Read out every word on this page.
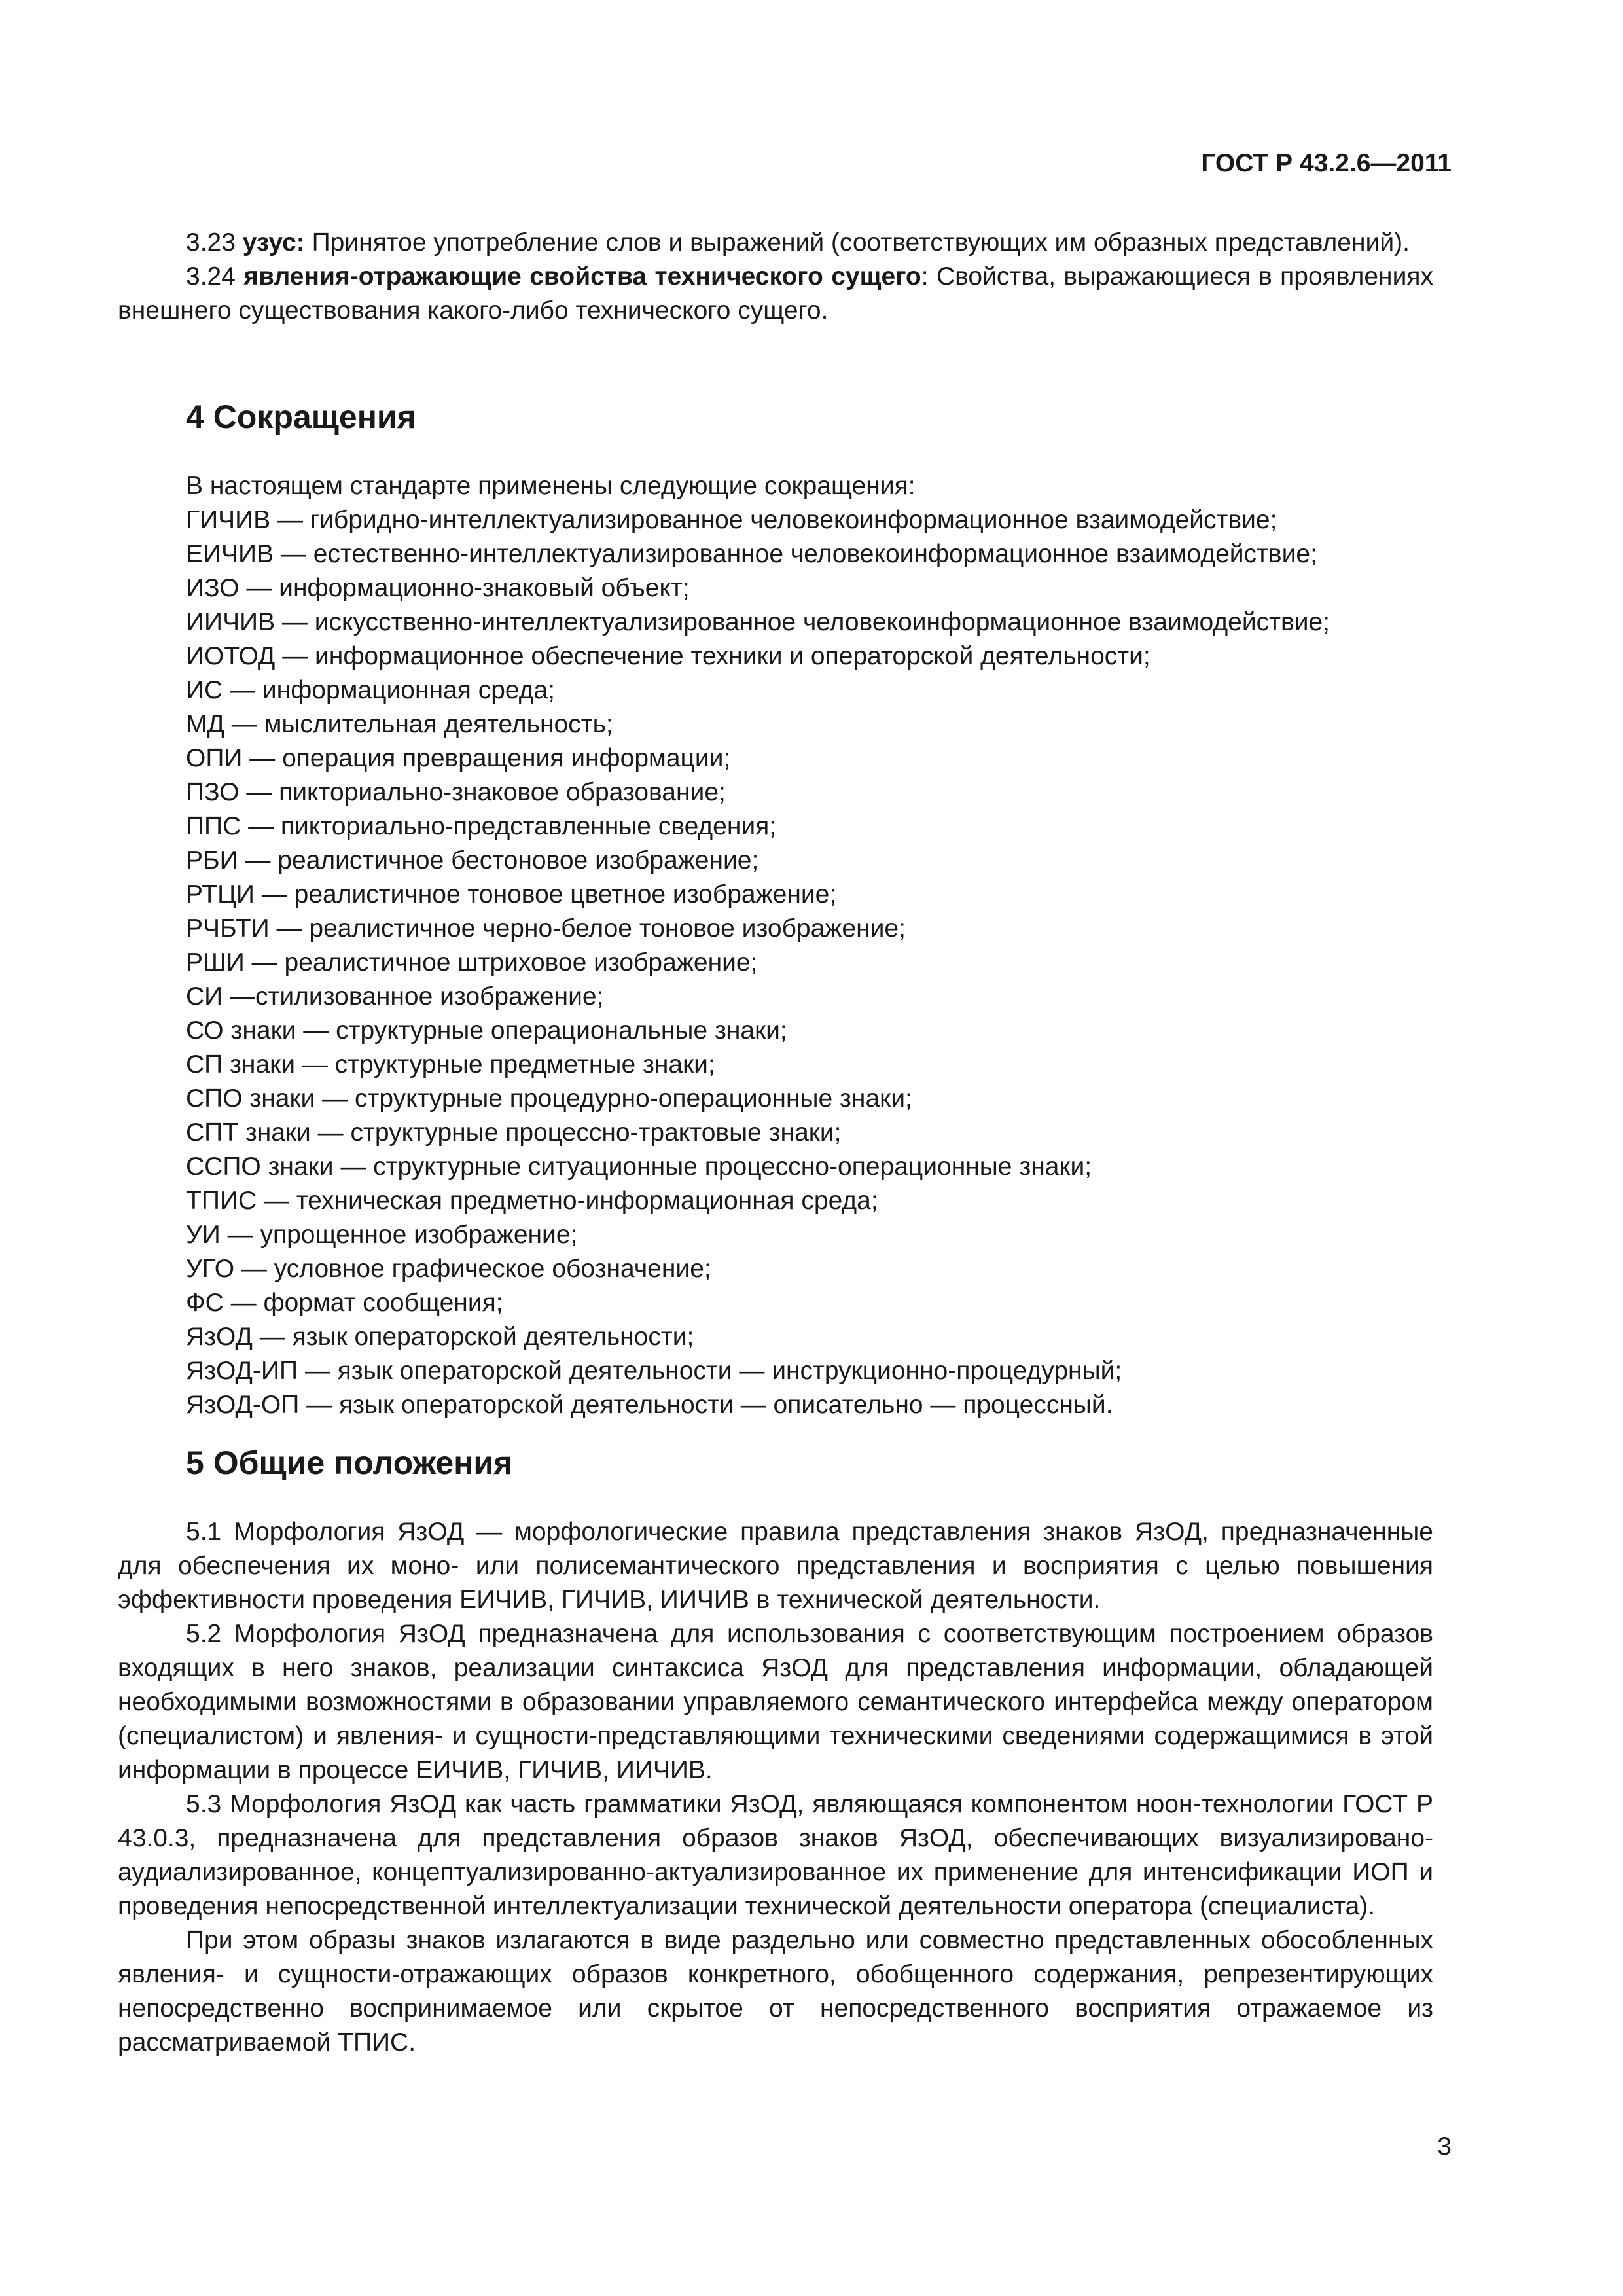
ГОСТ Р 43.2.6—2011

3.23 узус: Принятое употребление слов и выражений (соответствующих им образных представлений).

3.24 явления-отражающие свойства технического сущего: Свойства, выражающиеся в проявлениях внешнего существования какого-либо технического сущего.

4 Сокращения
В настоящем стандарте применены следующие сокращения:
ГИЧИВ — гибридно-интеллектуализированное человекоинформационное взаимодействие;
ЕИЧИВ — естественно-интеллектуализированное человекоинформационное взаимодействие;
ИЗО — информационно-знаковый объект;
ИИЧИВ — искусственно-интеллектуализированное человекоинформационное взаимодействие;
ИОТОД — информационное обеспечение техники и операторской деятельности;
ИС — информационная среда;
МД — мыслительная деятельность;
ОПИ — операция превращения информации;
ПЗО — пикториально-знаковое образование;
ППС — пикториально-представленные сведения;
РБИ — реалистичное бестоновое изображение;
РТЦИ — реалистичное тоновое цветное изображение;
РЧБТИ — реалистичное черно-белое тоновое изображение;
РШИ — реалистичное штриховое изображение;
СИ —стилизованное изображение;
СО знаки — структурные операциональные знаки;
СП знаки — структурные предметные знаки;
СПО знаки — структурные процедурно-операционные знаки;
СПТ знаки — структурные процессно-трактовые знаки;
ССПО знаки — структурные ситуационные процессно-операционные знаки;
ТПИС — техническая предметно-информационная среда;
УИ — упрощенное изображение;
УГО — условное графическое обозначение;
ФС — формат сообщения;
ЯзОД — язык операторской деятельности;
ЯзОД-ИП — язык операторской деятельности — инструкционно-процедурный;
ЯзОД-ОП — язык операторской деятельности — описательно — процессный.
5 Общие положения

5.1 Морфология ЯзОД — морфологические правила представления знаков ЯзОД, предназначенные для обеспечения их моно- или полисемантического представления и восприятия с целью повышения эффективности проведения ЕИЧИВ, ГИЧИВ, ИИЧИВ в технической деятельности.

5.2 Морфология ЯзОД предназначена для использования с соответствующим построением образов входящих в него знаков, реализации синтаксиса ЯзОД для представления информации, обладающей необходимыми возможностями в образовании управляемого семантического интерфейса между оператором (специалистом) и явления- и сущности-представляющими техническими сведениями содержащимися в этой информации в процессе ЕИЧИВ, ГИЧИВ, ИИЧИВ.

5.3 Морфология ЯзОД как часть грамматики ЯзОД, являющаяся компонентом ноон-технологии ГОСТ Р 43.0.3, предназначена для представления образов знаков ЯзОД, обеспечивающих визуализировано-аудиализированное, концептуализированно-актуализированное их применение для интенсификации ИОП и проведения непосредственной интеллектуализации технической деятельности оператора (специалиста).

При этом образы знаков излагаются в виде раздельно или совместно представленных обособленных явления- и сущности-отражающих образов конкретного, обобщенного содержания, репрезентирующих непосредственно воспринимаемое или скрытое от непосредственного восприятия отражаемое из рассматриваемой ТПИС.

3
